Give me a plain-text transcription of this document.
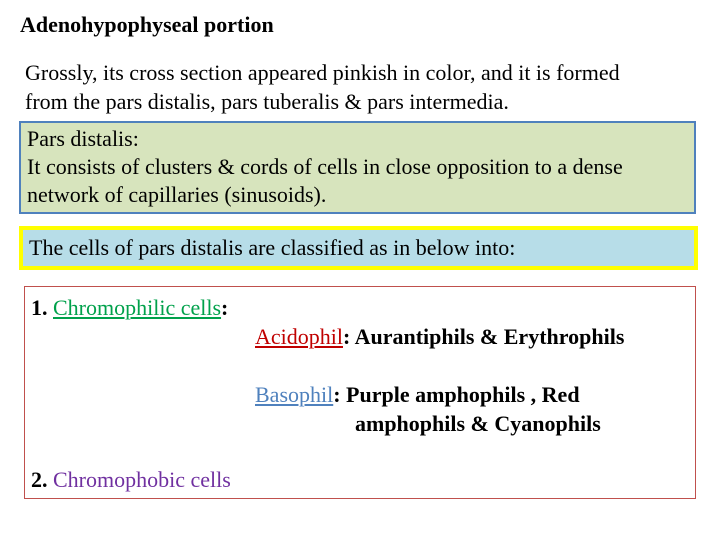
Adenohypophyseal portion
Grossly, its cross section appeared pinkish in color, and it is formed
from the pars distalis, pars tuberalis & pars intermedia.
Pars distalis:
It consists of clusters & cords of cells in close opposition to a dense
network of capillaries (sinusoids).
The cells of pars distalis are classified as in below into:
1. Chromophilic cells:
Acidophil: Aurantiphils & Erythrophils
Basophil: Purple amphophils , Red
amphophils & Cyanophils
2. Chromophobic cells
